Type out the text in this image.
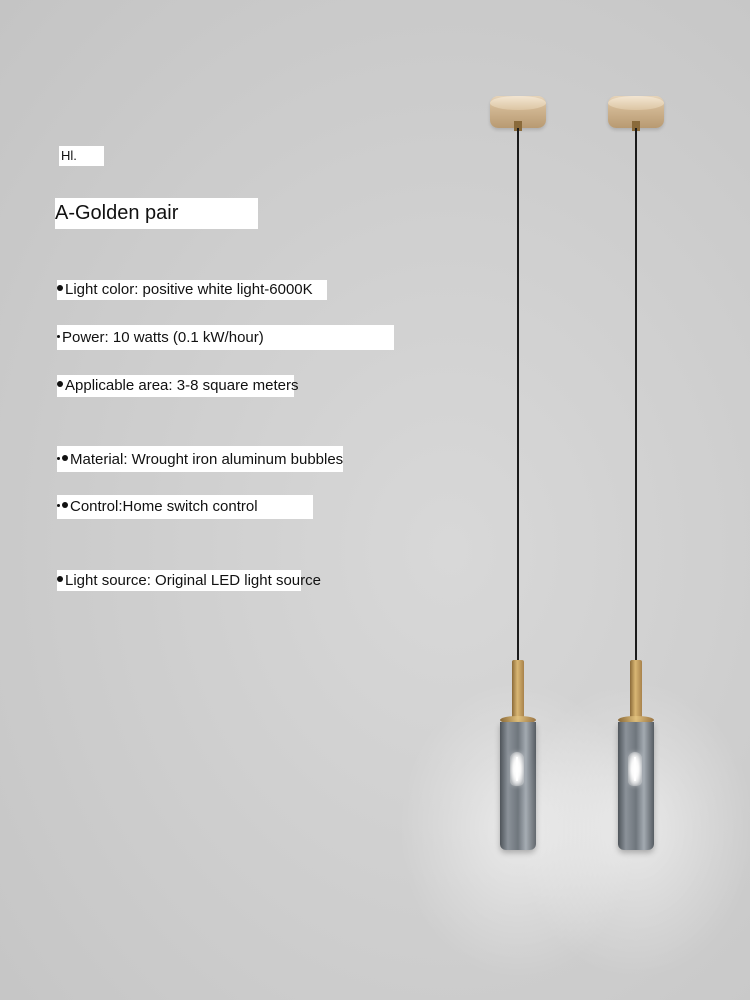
Hl.
A-Golden pair
Light color: positive white light-6000K
Power: 10 watts (0.1 kW/hour)
Applicable area: 3-8 square meters
Material: Wrought iron aluminum bubbles
Control:Home switch control
Light source: Original LED light source
